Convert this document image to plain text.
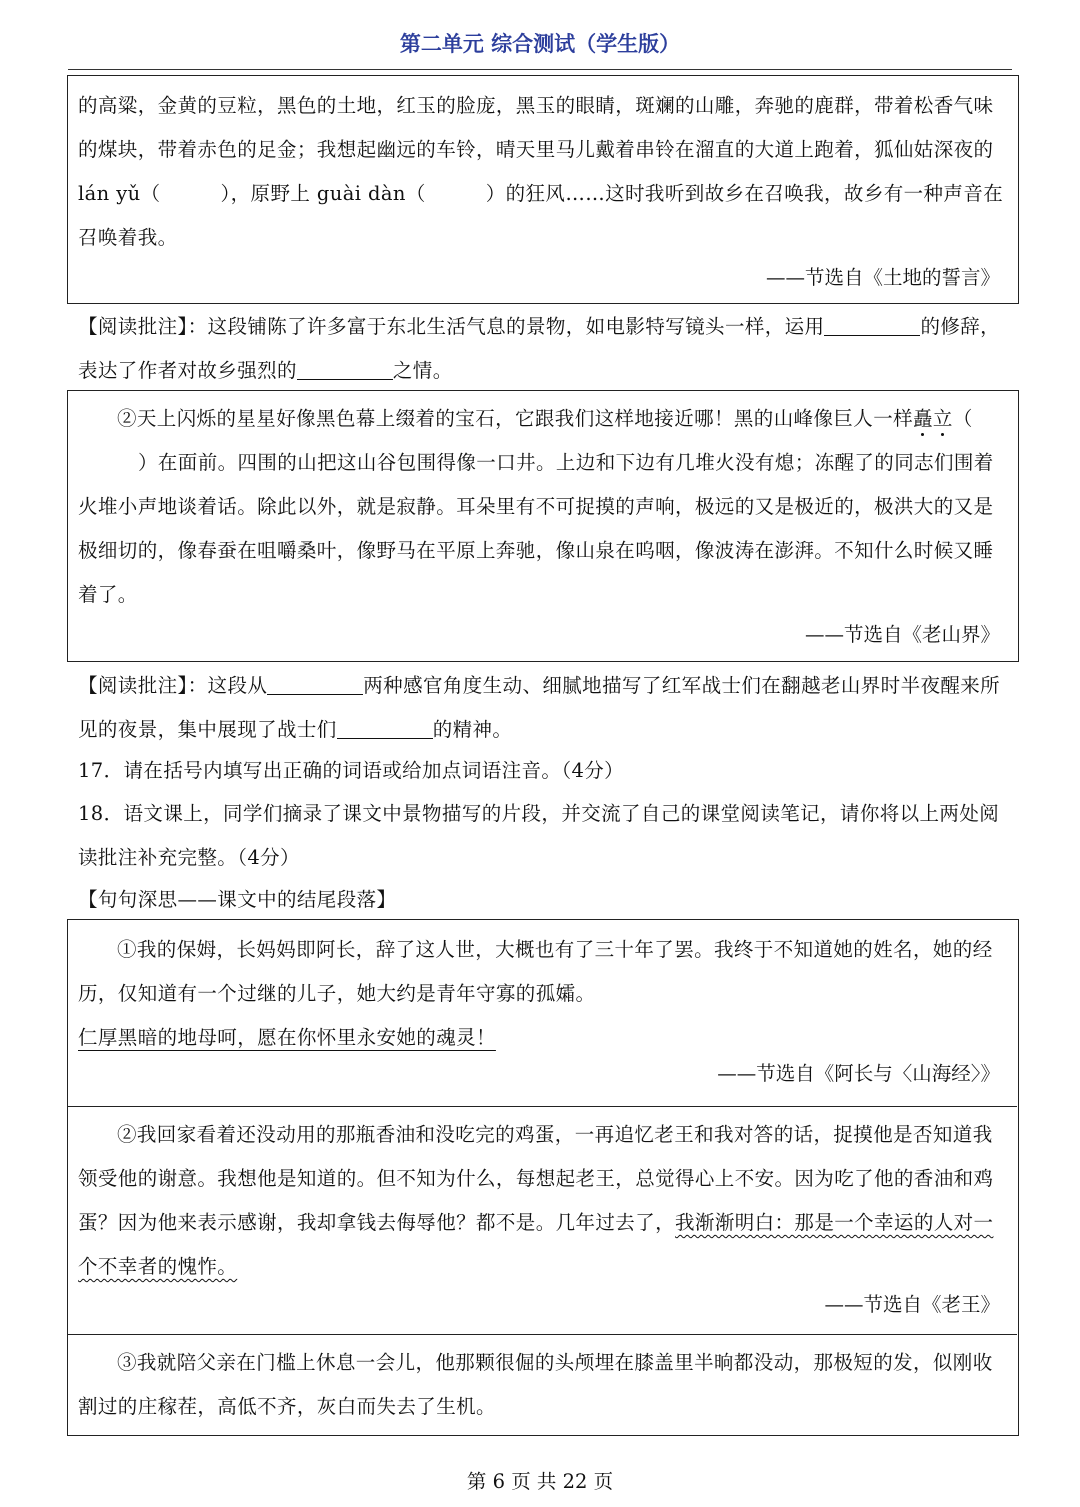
第二单元 综合测试（学生版）

的高粱，金黄的豆粒，黑色的土地，红玉的脸庞，黑玉的眼睛，斑斓的山雕，奔驰的鹿群，带着松香气味的煤块，带着赤色的足金；我想起幽远的车铃，晴天里马儿戴着串铃在溜直的大道上跑着，狐仙姑深夜的 lán yǔ（	），原野上 guài dàn（	）的狂风……这时我听到故乡在召唤我，故乡有一种声音在召唤着我。

——节选自《土地的誓言》

【阅读批注】：这段铺陈了许多富于东北生活气息的景物，如电影特写镜头一样，运用	的修辞，表达了作者对故乡强烈的	之情。

②天上闪烁的星星好像黑色幕上缀着的宝石，它跟我们这样地接近哪！黑的山峰像巨人一样矗立（）在面前。四围的山把这山谷包围得像一口井。上边和下边有几堆火没有熄；冻醒了的同志们围着火堆小声地谈着话。除此以外，就是寂静。耳朵里有不可捉摸的声响，极远的又是极近的，极洪大的又是极细切的，像春蚕在咀嚼桑叶，像野马在平原上奔驰，像山泉在呜咽，像波涛在澎湃。不知什么时候又睡着了。

——节选自《老山界》

【阅读批注】：这段从	两种感官角度生动、细腻地描写了红军战士们在翻越老山界时半夜醒来所见的夜景，集中展现了战士们	的精神。

17．请在括号内填写出正确的词语或给加点词语注音。（4分）

18．语文课上，同学们摘录了课文中景物描写的片段，并交流了自己的课堂阅读笔记，请你将以上两处阅读批注补充完整。（4分）

【句句深思——课文中的结尾段落】

①我的保姆，长妈妈即阿长，辞了这人世，大概也有了三十年了罢。我终于不知道她的姓名，她的经历，仅知道有一个过继的儿子，她大约是青年守寡的孤孀。
仁厚黑暗的地母呵，愿在你怀里永安她的魂灵！

——节选自《阿长与〈山海经〉》

②我回家看着还没动用的那瓶香油和没吃完的鸡蛋，一再追忆老王和我对答的话，捉摸他是否知道我领受他的谢意。我想他是知道的。但不知为什么，每想起老王，总觉得心上不安。因为吃了他的香油和鸡蛋？因为他来表示感谢，我却拿钱去侮辱他？都不是。几年过去了，我渐渐明白：那是一个幸运的人对一个不幸者的愧怍。

——节选自《老王》

③我就陪父亲在门槛上休息一会儿，他那颗很倔的头颅埋在膝盖里半晌都没动，那极短的发，似刚收割过的庄稼茬，高低不齐，灰白而失去了生机。

第 6 页 共 22 页
